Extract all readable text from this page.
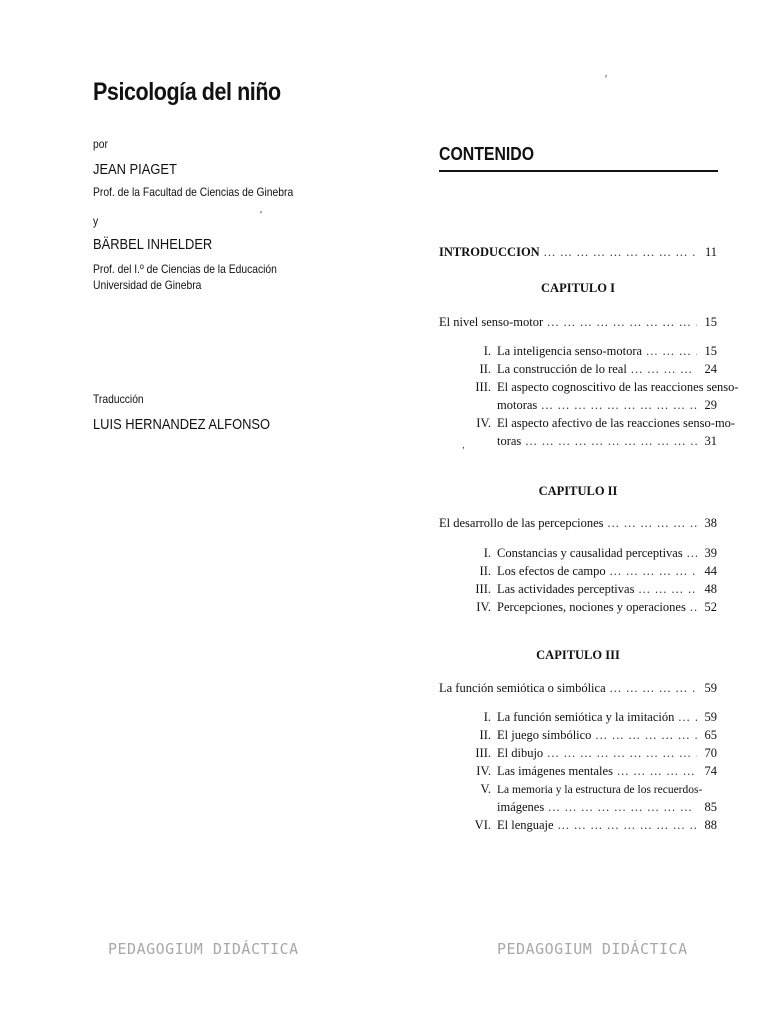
Psicología del niño
por
JEAN PIAGET
Prof. de la Facultad de Ciencias de Ginebra
y
BÄRBEL INHELDER
Prof. del I.º de Ciencias de la Educación
Universidad de Ginebra
Traducción
LUIS HERNANDEZ ALFONSO
′
′
,
CONTENIDO
INTRODUCCION ... .	11
CAPITULO I
El nivel senso-motor ... .	15
I. La inteligencia senso-motora ... .	15
II. La construcción de lo real ... .	24
III. El aspecto cognoscitivo de las reacciones senso-
motoras ... .	29
IV. El aspecto afectivo de las reacciones senso-mo-
toras ... .	31
CAPITULO II
El desarrollo de las percepciones ... .	38
I. Constancias y causalidad perceptivas ... . 39
II. Los efectos de campo ... .	44
III. Las actividades perceptivas ... .	48
IV. Percepciones, nociones y operaciones ... . 52
CAPITULO III
La función semiótica o simbólica ... .	59
I. La función semiótica y la imitación ... . 59
II. El juego simbólico ... .	65
III. El dibujo ... .	70
IV. Las imágenes mentales ... .	74
V. La memoria y la estructura de los recuerdos-
imágenes ... .	85
VI. El lenguaje ... .	88
PEDAGOGIUM DIDÁCTICA	PEDAGOGIUM DIDÁCTICA
